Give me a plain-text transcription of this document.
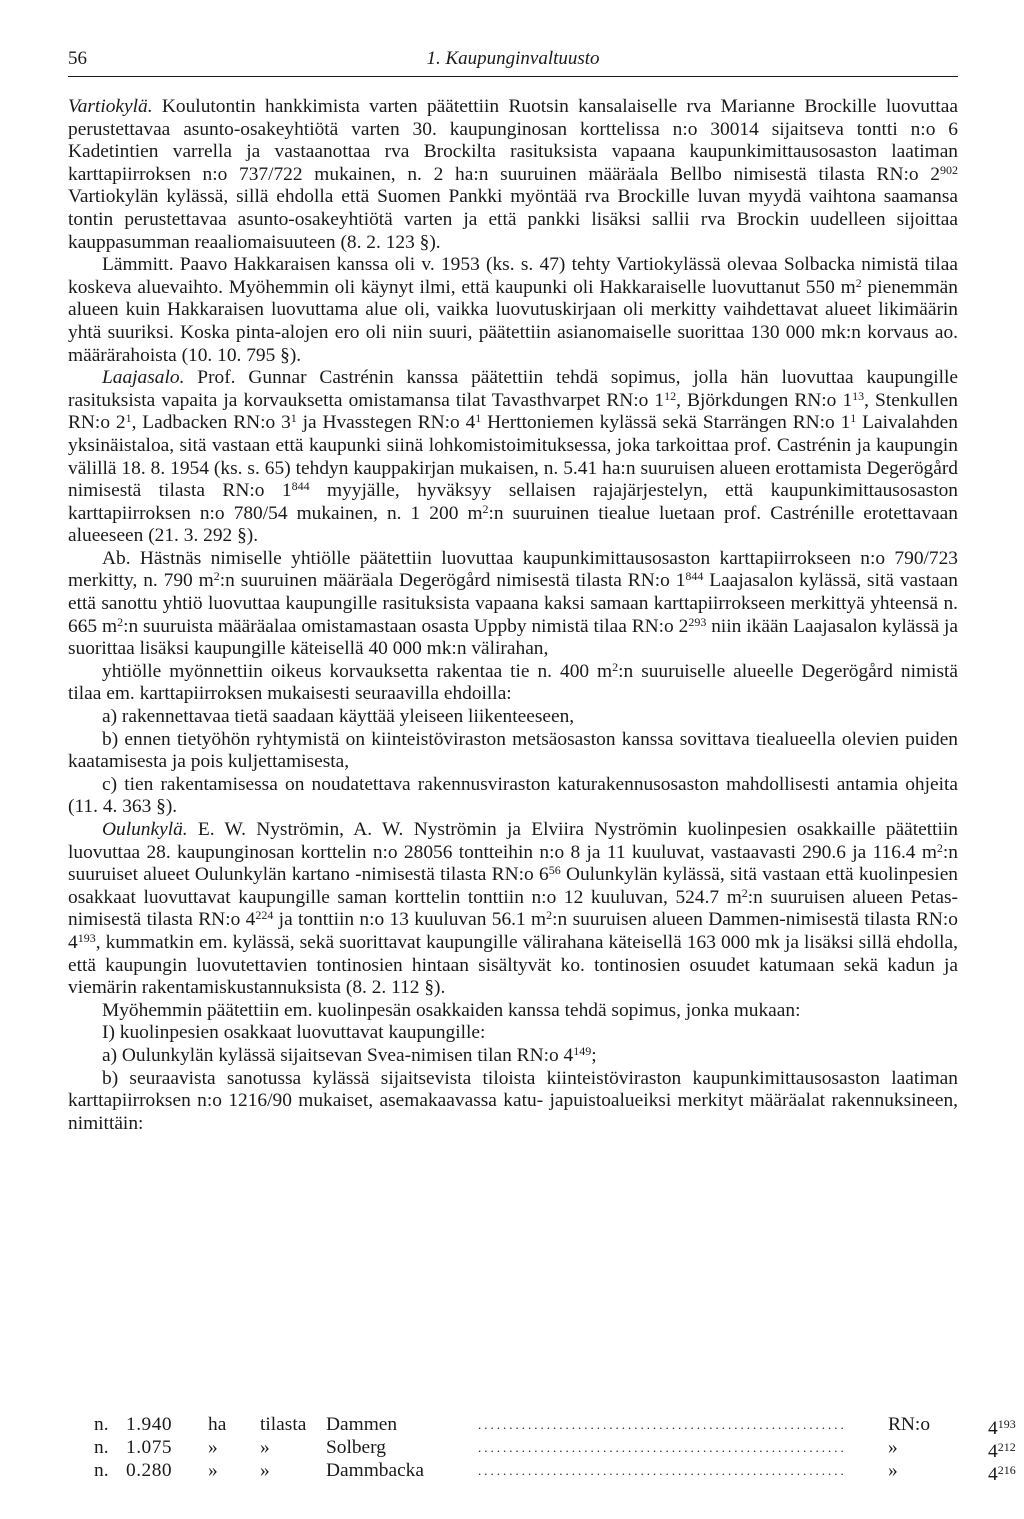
56	1. Kaupunginvaltuusto

Vartiokylä. Koulutontin hankkimista varten päätettiin Ruotsin kansalaiselle rva Marianne Brockille luovuttaa perustettavaa asunto-osakeyhtiötä varten 30. kaupunginosan korttelissa n:o 30014 sijaitseva tontti n:o 6 Kadetintien varrella ja vastaanottaa rva Brockilta rasituksista vapaana kaupunkimittausosaston laatiman karttapiirroksen n:o 737/722 mukainen, n. 2 ha:n suuruinen määräala Bellbo nimisestä tilasta RN:o $2^{902}$ Vartiokylän kylässä, sillä ehdolla että Suomen Pankki myöntää rva Brockille luvan myydä vaihtona saamansa tontin perustettavaa asunto-osakeyhtiötä varten ja että pankki lisäksi sallii rva Brockin uudelleen sijoittaa kauppasumman reaaliomaisuuteen (8. 2. 123 §).

Lämmitt. Paavo Hakkaraisen kanssa oli v. 1953 (ks. s. 47) tehty Vartiokylässä olevaa Solbacka nimistä tilaa koskeva aluevaihto. Myöhemmin oli käynyt ilmi, että kaupunki oli Hakkaraiselle luovuttanut 550 $m^2$ pienemmän alueen kuin Hakkaraisen luovuttama alue oli, vaikka luovutuskirjaan oli merkitty vaihdettavat alueet likimäärin yhtä suuriksi. Koska pinta-alojen ero oli niin suuri, päätettiin asianomaiselle suorittaa 130 000 mk:n korvaus ao. määrärahoista (10. 10. 795 §).

Laajasalo. Prof. Gunnar Castrénin kanssa päätettiin tehdä sopimus, jolla hän luovuttaa kaupungille rasituksista vapaita ja korvauksetta omistamansa tilat Tavasthvarpet RN:o $1^{12}$, Björkdungen RN:o $1^{13}$, Stenkullen RN:o $2^1$, Ladbacken RN:o $3^1$ ja Hvasstegen RN:o $4^1$ Herttoniemen kylässä sekä Starrängen RN:o $1^1$ Laivalahden yksinäistaloa, sitä vastaan että kaupunki siinä lohkomistoimituksessa, joka tarkoittaa prof. Castrénin ja kaupungin välillä 18. 8. 1954 (ks. s. 65) tehdyn kauppakirjan mukaisen, n. 5.41 ha:n suuruisen alueen erottamista Degerögård nimisestä tilasta RN:o $1^{844}$ myyjälle, hyväksyy sellaisen rajajärjestelyn, että kaupunkimittausosaston karttapiirroksen n:o 780/54 mukainen, n. 1 200 $m^2:n$ suuruinen tiealue luetaan prof. Castrénille erotettavaan alueeseen (21. 3. 292 §).

Ab. Hästnäs nimiselle yhtiölle päätettiin luovuttaa kaupunkimittausosaston karttapiirrokseen n:o 790/723 merkitty, n. 790 $m^2:n$ suuruinen määräala Degerögård nimisestä tilasta RN:o $1^{844}$ Laajasalon kylässä, sitä vastaan että sanottu yhtiö luovuttaa kaupungille rasituksista vapaana kaksi samaan karttapiirrokseen merkittyä yhteensä n. 665 $m^2:n$ suuruista määräalaa omistamastaan osasta Uppby nimistä tilaa RN:o $2^{293}$ niin ikään Laajasalon kylässä ja suorittaa lisäksi kaupungille käteisellä 40 000 mk:n välirahan,

yhtiölle myönnettiin oikeus korvauksetta rakentaa tie n. 400 $m^2:n$ suuruiselle alueelle Degerögård nimistä tilaa em. karttapiirroksen mukaisesti seuraavilla ehdoilla:

a) rakennettavaa tietä saadaan käyttää yleiseen liikenteeseen,

b) ennen tietyöhön ryhtymistä on kiinteistöviraston metsäosaston kanssa sovittava tiealueella olevien puiden kaatamisesta ja pois kuljettamisesta,

c) tien rakentamisessa on noudatettava rakennusviraston katurakennusosaston mahdollisesti antamia ohjeita (11. 4. 363 §).

Oulunkylä. E. W. Nyströmin, A. W. Nyströmin ja Elviira Nyströmin kuolinpesien osakkaille päätettiin luovuttaa 28. kaupunginosan korttelin n:o 28056 tontteihin n:o 8 ja 11 kuuluvat, vastaavasti 290.6 ja 116.4 $m^2:n$ suuruiset alueet Oulunkylän kartano -nimisestä tilasta RN:o $6^{56}$ Oulunkylän kylässä, sitä vastaan että kuolinpesien osakkaat luovuttavat kaupungille saman korttelin tonttiin n:o 12 kuuluvan, 524.7 $m^2:n$ suuruisen alueen Petas-nimisestä tilasta RN:o $4^{224}$ ja tonttiin n:o 13 kuuluvan 56.1 $m^2:n$ suuruisen alueen Dammen-nimisestä tilasta RN:o $4^{193}$, kummatkin em. kylässä, sekä suorittavat kaupungille välirahana käteisellä 163 000 mk ja lisäksi sillä ehdolla, että kaupungin luovutettavien tontinosien hintaan sisältyvät ko. tontinosien osuudet katumaan sekä kadun ja viemärin rakentamiskustannuksista (8. 2. 112 §).

Myöhemmin päätettiin em. kuolinpesän osakkaiden kanssa tehdä sopimus, jonka mukaan:

I) kuolinpesien osakkaat luovuttavat kaupungille:

a) Oulunkylän kylässä sijaitsevan Svea-nimisen tilan RN:o $4^{149}$;

b) seuraavista sanotussa kylässä sijaitsevista tiloista kiinteistöviraston kaupunkimittausosaston laatiman karttapiirroksen n:o 1216/90 mukaiset, asemakaavassa katu- japuistoalueiksi merkityt määräalat rakennuksineen, nimittäin:

n. 1.940 ha tilasta Dammen	...........................................................	RN:o	$4^{193}$
n. 1.075 » »	Solberg	...........................................................	»	$4^{212}$
n. 0.280 » »	Dammbacka	...........................................................	»	$4^{216}$
